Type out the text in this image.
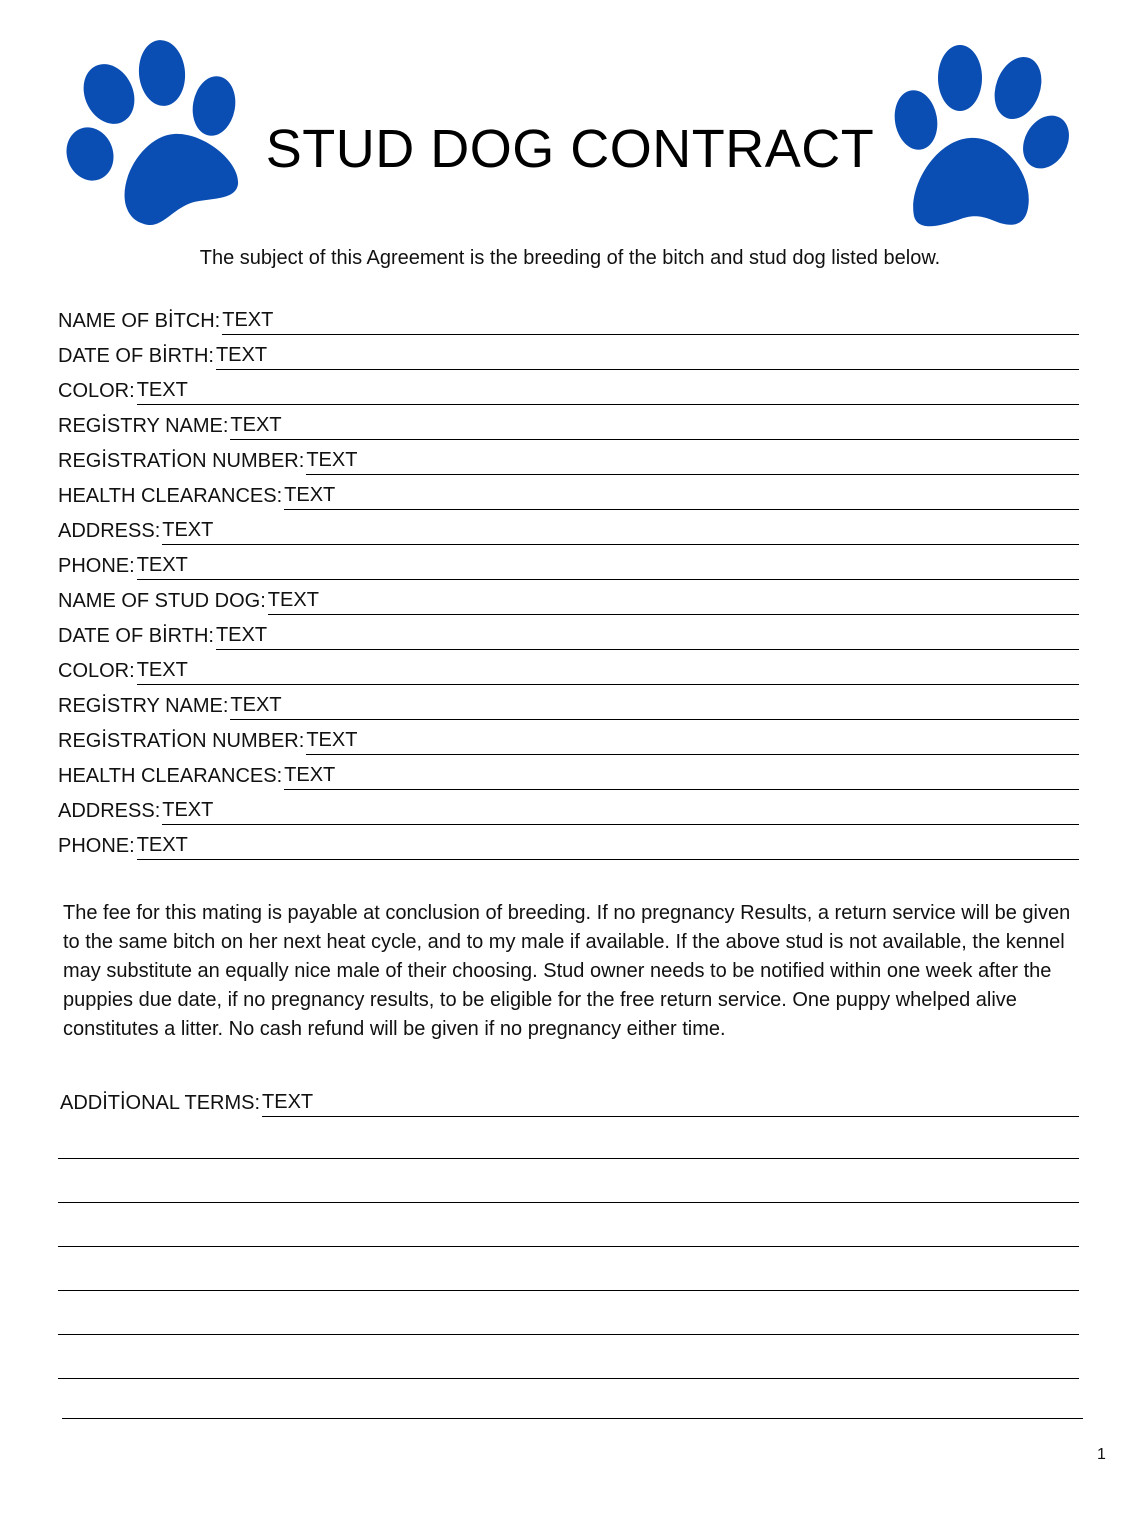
STUD DOG CONTRACT
The subject of this Agreement is the breeding of the bitch and stud dog listed below.
NAME OF BİTCH: TEXT
DATE OF BİRTH: TEXT
COLOR: TEXT
REGİSTRY NAME: TEXT
REGİSTRATİON NUMBER: TEXT
HEALTH CLEARANCES: TEXT
ADDRESS: TEXT
PHONE: TEXT
NAME OF STUD DOG: TEXT
DATE OF BİRTH: TEXT
COLOR: TEXT
REGİSTRY NAME: TEXT
REGİSTRATİON NUMBER: TEXT
HEALTH CLEARANCES: TEXT
ADDRESS: TEXT
PHONE: TEXT
The fee for this mating is payable at conclusion of breeding. If no pregnancy Results, a return service will be given to the same bitch on her next heat cycle, and to my male if available. If the above stud is not available, the kennel may substitute an equally nice male of their choosing. Stud owner needs to be notified within one week after the puppies due date, if no pregnancy results, to be eligible for the free return service. One puppy whelped alive constitutes a litter. No cash refund will be given if no pregnancy either time.
ADDİTİONAL TERMS: TEXT
1
